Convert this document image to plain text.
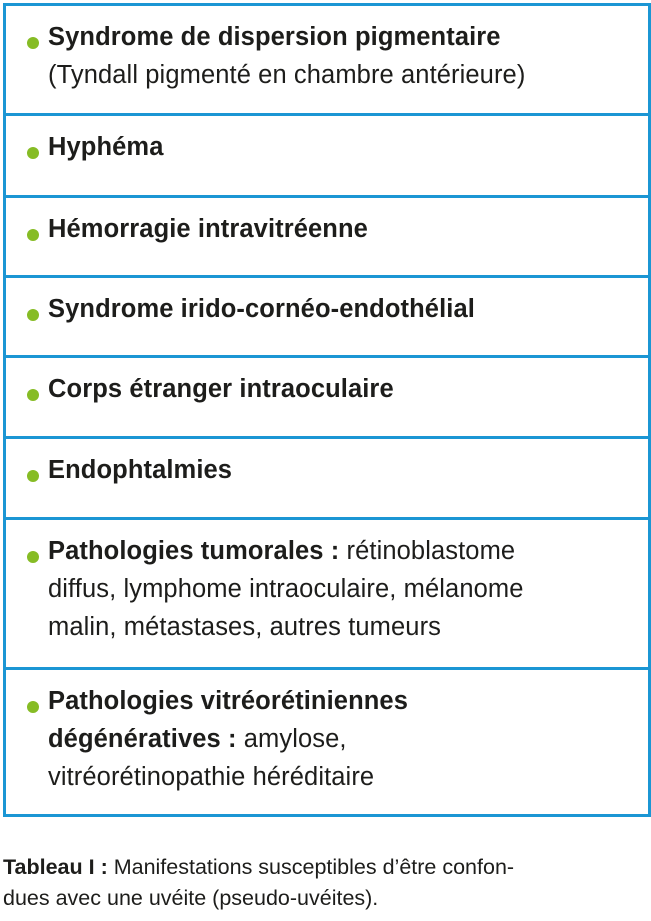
Syndrome de dispersion pigmentaire
(Tyndall pigmenté en chambre antérieure)
Hyphéma
Hémorragie intravitréenne
Syndrome irido-cornéo-endothélial
Corps étranger intraoculaire
Endophtalmies
Pathologies tumorales : rétinoblastome
diffus, lymphome intraoculaire, mélanome
malin, métastases, autres tumeurs
Pathologies vitréorétiniennes
dégénératives : amylose,
vitréorétinopathie héréditaire
Tableau I : Manifestations susceptibles d’être confon-
dues avec une uvéite (pseudo-uvéites).
